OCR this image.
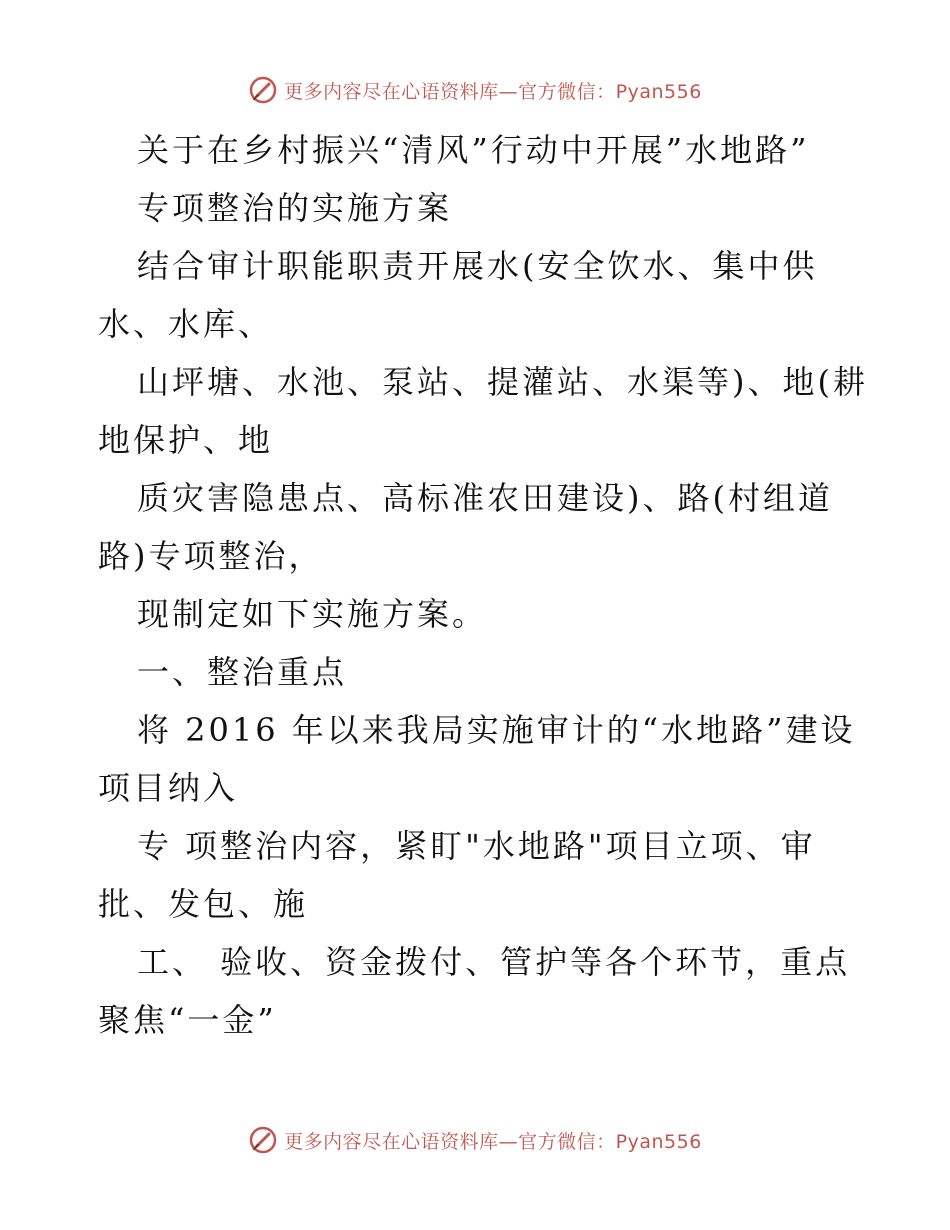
更多内容尽在心语资料库—官方微信：Pyan556
关于在乡村振兴“清风”行动中开展”水地路”
专项整治的实施方案
结合审计职能职责开展水(安全饮水、集中供
水、水库、
山坪塘、水池、泵站、提灌站、水渠等)、地(耕
地保护、地
质灾害隐患点、高标准农田建设)、路(村组道
路)专项整治，
现制定如下实施方案。
一、整治重点
将 2016 年以来我局实施审计的“水地路”建设
项目纳入
专 项整治内容，紧盯"水地路"项目立项、审
批、发包、施
工、 验收、资金拨付、管护等各个环节，重点
聚焦“一金”
更多内容尽在心语资料库—官方微信：Pyan556
